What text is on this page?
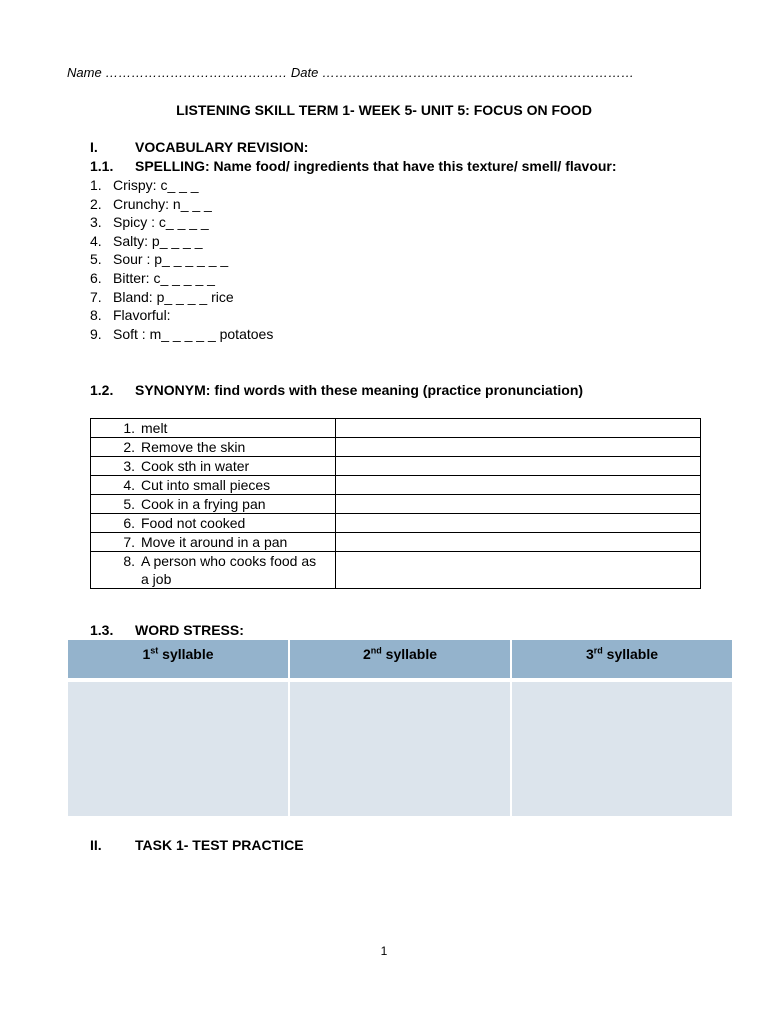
Name …………………………………… Date ………………………………………………………………
LISTENING SKILL TERM 1- WEEK 5- UNIT 5: FOCUS ON FOOD
I.	VOCABULARY REVISION:
1.1. SPELLING: Name food/ ingredients that have this texture/ smell/ flavour:
1. Crispy: c_ _ _
2. Crunchy: n_ _ _
3. Spicy : c_ _ _ _
4. Salty: p_ _ _ _
5. Sour : p_ _ _ _ _ _
6. Bitter: c_ _ _ _ _
7. Bland: p_ _ _ _ rice
8. Flavorful:
9. Soft : m_ _ _ _ _ potatoes
1.2. SYNONYM: find words with these meaning (practice pronunciation)
1. melt	
2. Remove the skin	
3. Cook sth in water	
4. Cut into small pieces	
5. Cook in a frying pan	
6. Food not cooked	
7. Move it around in a pan	
8. A person who cooks food as a job	
1.3. WORD STRESS:
1st syllable	2nd syllable	3rd syllable
II. TASK 1- TEST PRACTICE
1
